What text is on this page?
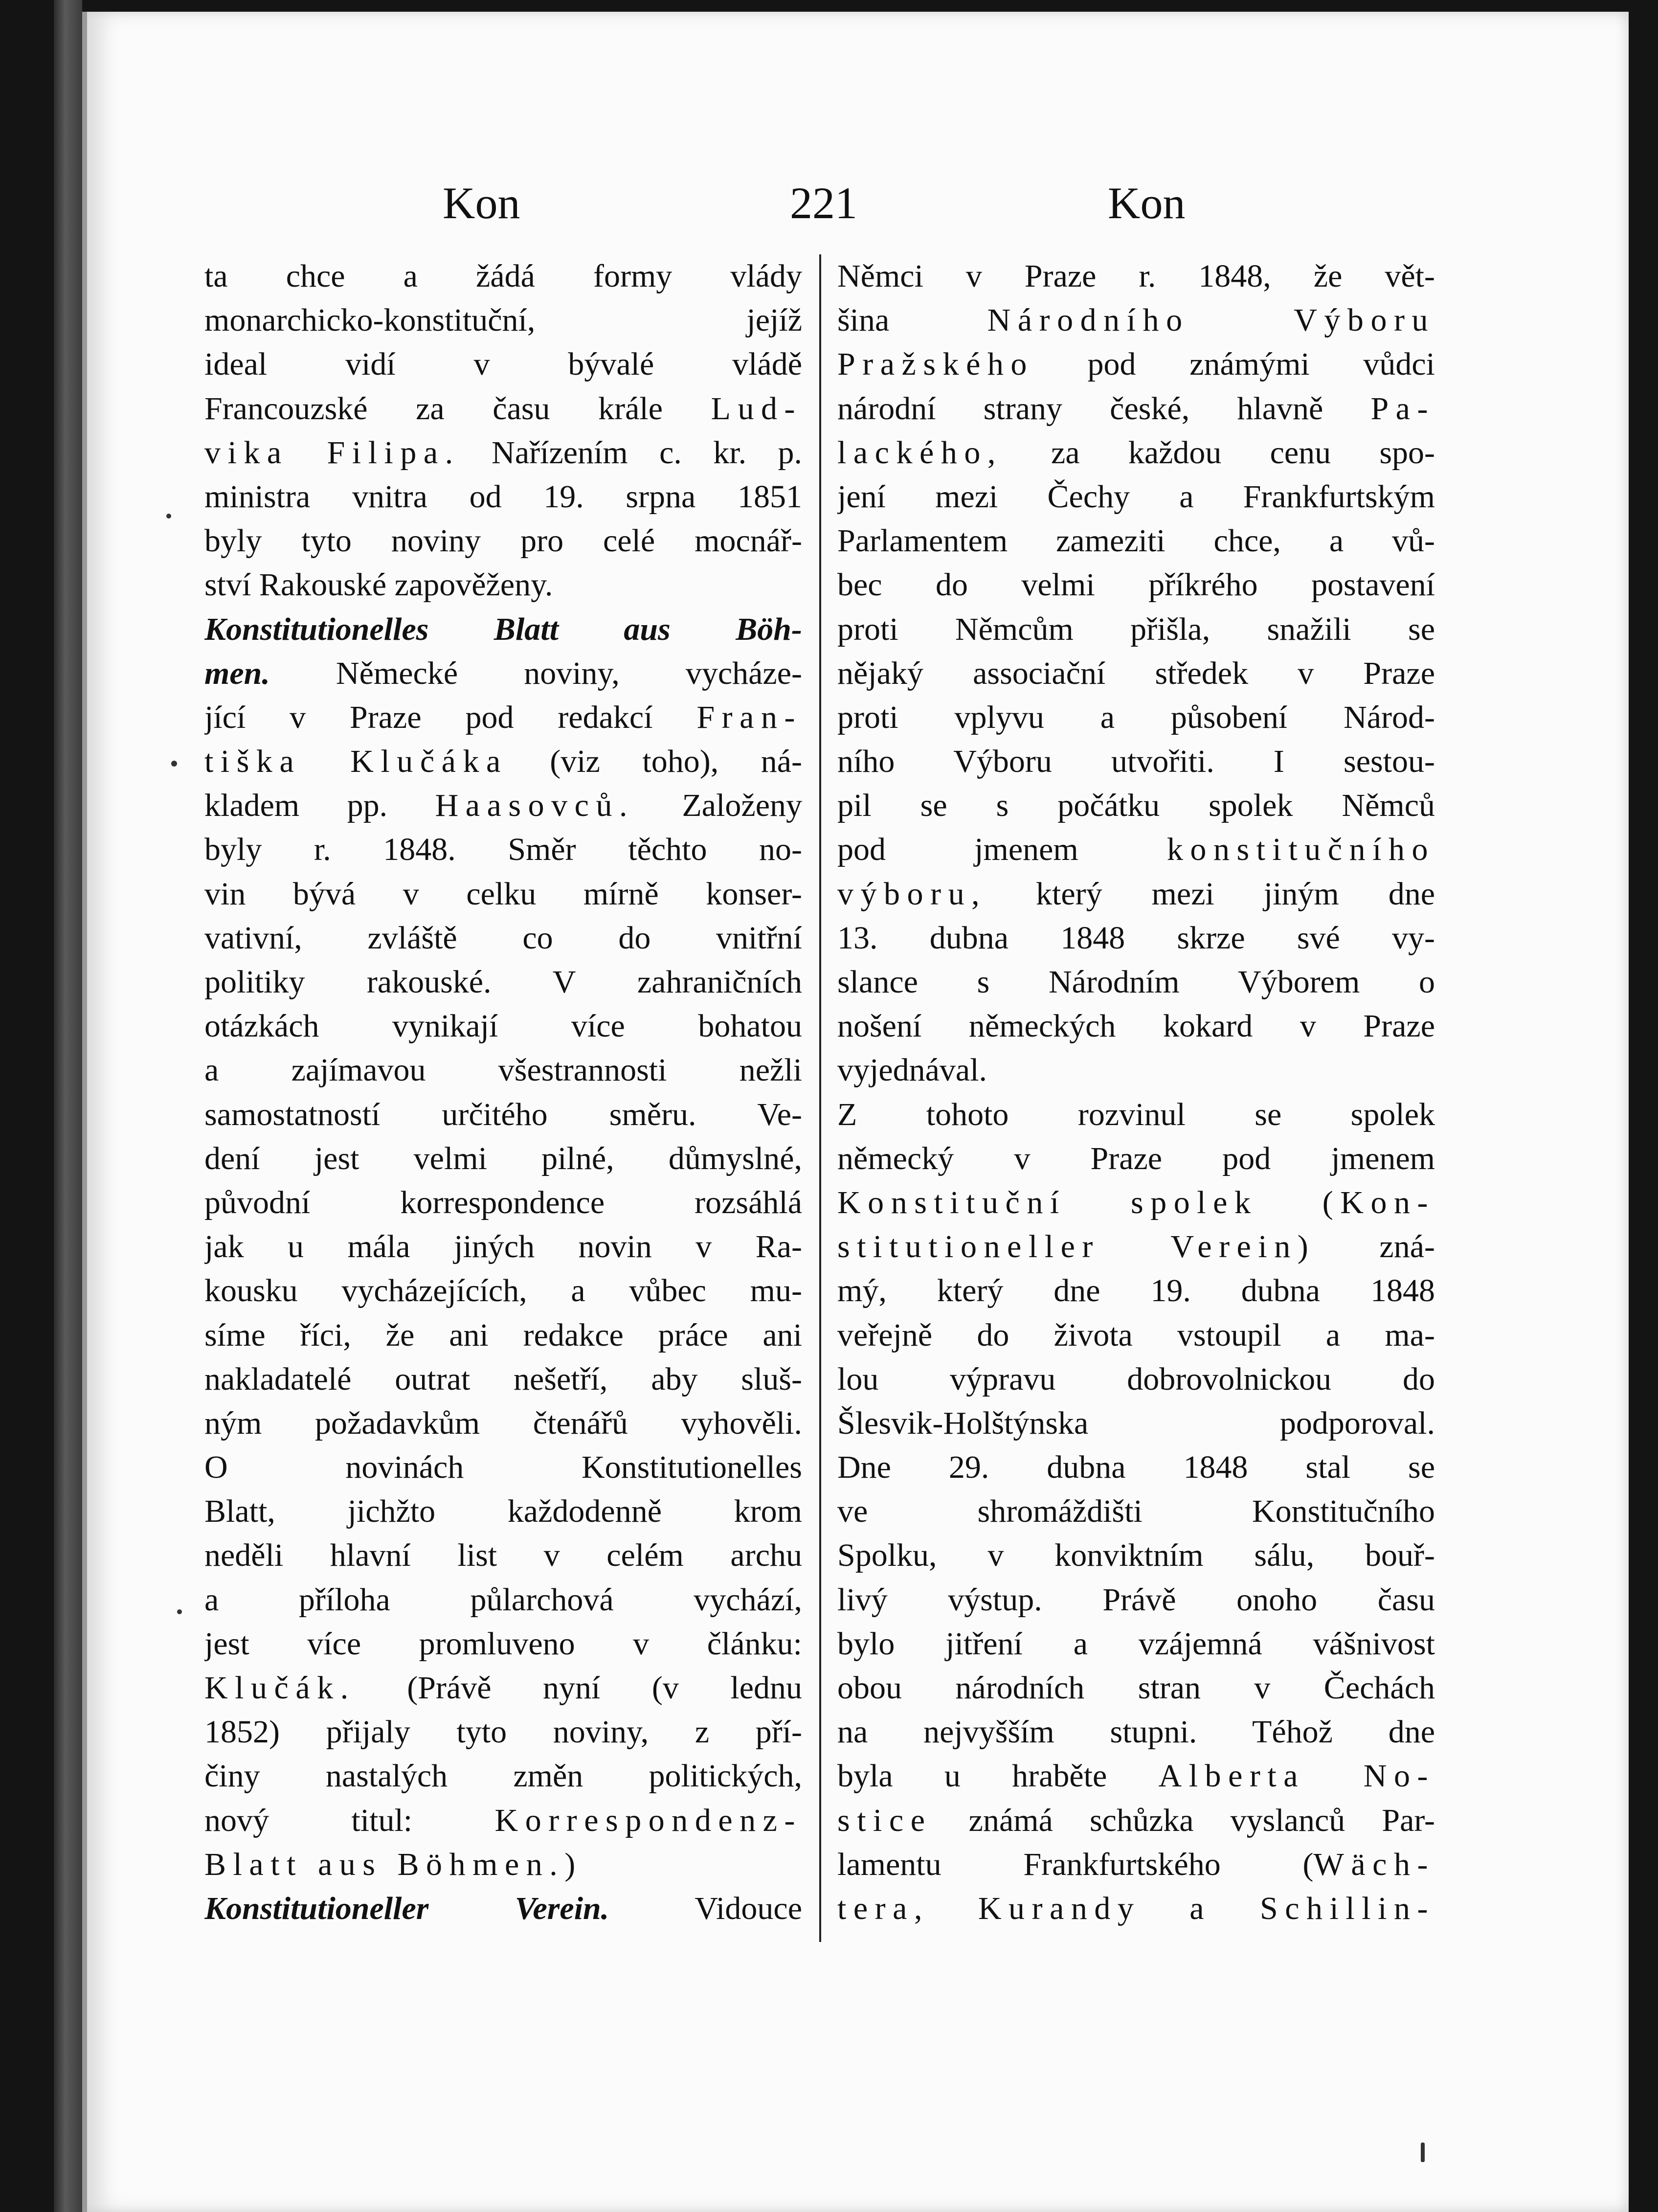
Kon	221	Kon
ta chce a žádá formy vlády
monarchicko-konstituční, jejíž
ideal vidí v bývalé vládě
Francouzské za času krále Lud-
vika Filipa. Nařízením c. kr. p.
ministra vnitra od 19. srpna 1851
byly tyto noviny pro celé mocnář-
ství Rakouské zapověženy.
Konstitutionelles Blatt aus Böh-
men. Německé noviny, vycháze-
jící v Praze pod redakcí Fran-
tiška Klučáka (viz toho), ná-
kladem pp. Haasovců. Založeny
byly r. 1848. Směr těchto no-
vin bývá v celku mírně konser-
vativní, zvláště co do vnitřní
politiky rakouské. V zahraničních
otázkách vynikají více bohatou
a zajímavou všestrannosti nežli
samostatností určitého směru. Ve-
dení jest velmi pilné, důmyslné,
původní korrespondence rozsáhlá
jak u mála jiných novin v Ra-
kousku vycházejících, a vůbec mu-
síme říci, že ani redakce práce ani
nakladatelé outrat nešetří, aby sluš-
ným požadavkům čtenářů vyhověli.
O novinách Konstitutionelles
Blatt, jichžto každodenně krom
neděli hlavní list v celém archu
a příloha půlarchová vychází,
jest více promluveno v článku:
Klučák. (Právě nyní (v lednu
1852) přijaly tyto noviny, z pří-
činy nastalých změn politických,
nový titul: Korrespondenz-
Blatt aus Böhmen.)
Konstitutioneller Verein. Vidouce
Němci v Praze r. 1848, že vět-
šina Národního Výboru
Pražského pod známými vůdci
národní strany české, hlavně Pa-
lackého, za každou cenu spo-
jení mezi Čechy a Frankfurtským
Parlamentem zameziti chce, a vů-
bec do velmi příkrého postavení
proti Němcům přišla, snažili se
nějaký associační středek v Praze
proti vplyvu a působení Národ-
ního Výboru utvořiti. I sestou-
pil se s počátku spolek Němců
pod jmenem konstitučního
výboru, který mezi jiným dne
13. dubna 1848 skrze své vy-
slance s Národním Výborem o
nošení německých kokard v Praze
vyjednával.
Z tohoto rozvinul se spolek
německý v Praze pod jmenem
Konstituční spolek (Kon-
stitutioneller Verein) zná-
mý, který dne 19. dubna 1848
veřejně do života vstoupil a ma-
lou výpravu dobrovolnickou do
Šlesvik-Holštýnska podporoval.
Dne 29. dubna 1848 stal se
ve shromáždišti Konstitučního
Spolku, v konviktním sálu, bouř-
livý výstup. Právě onoho času
bylo jitření a vzájemná vášnivost
obou národních stran v Čechách
na nejvyšším stupni. Téhož dne
byla u hraběte Alberta No-
stice známá schůzka vyslanců Par-
lamentu Frankfurtského (Wäch-
tera, Kurandy a Schillin-
